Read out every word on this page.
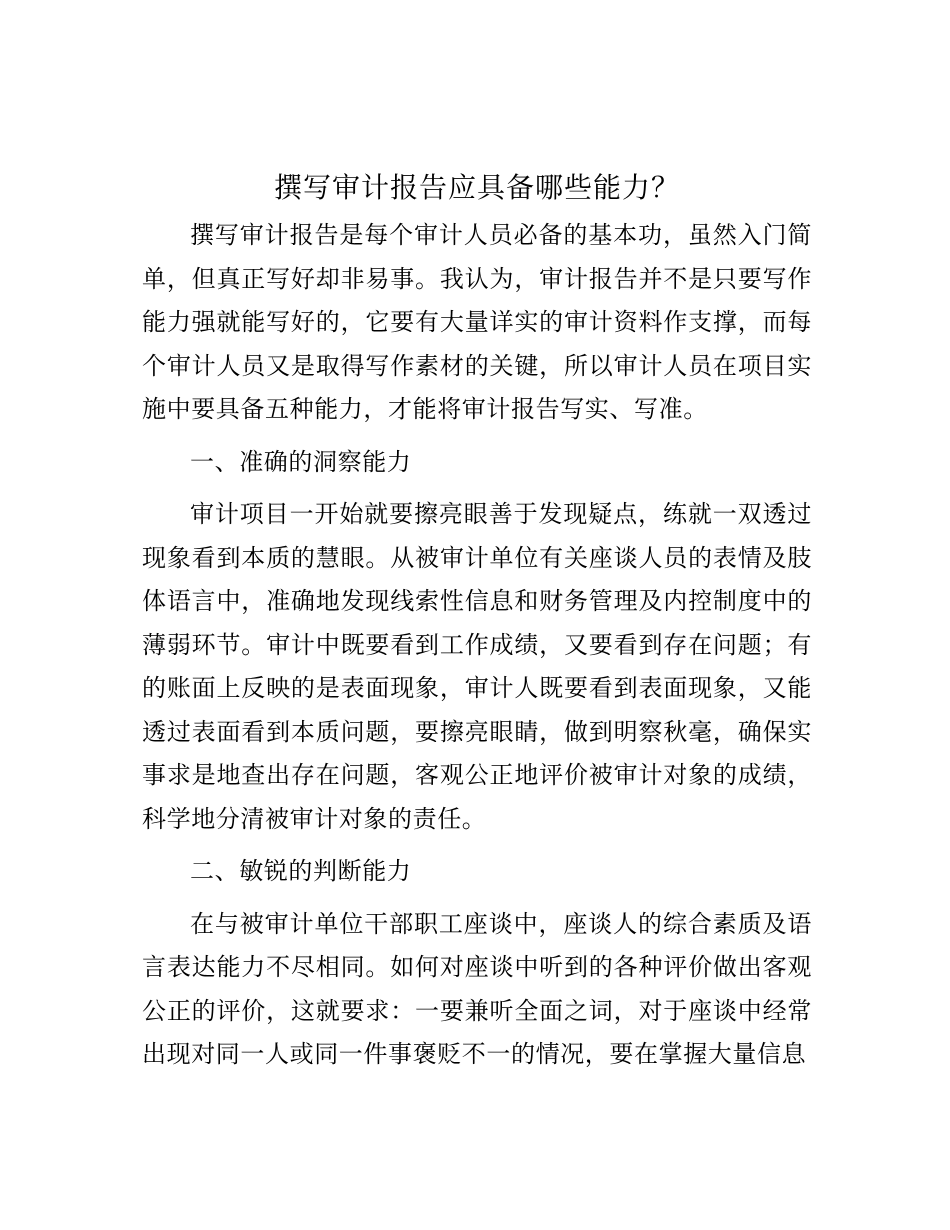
撰写审计报告应具备哪些能力？

撰写审计报告是每个审计人员必备的基本功，虽然入门简单，但真正写好却非易事。我认为，审计报告并不是只要写作能力强就能写好的，它要有大量详实的审计资料作支撑，而每个审计人员又是取得写作素材的关键，所以审计人员在项目实施中要具备五种能力，才能将审计报告写实、写准。

一、准确的洞察能力

审计项目一开始就要擦亮眼善于发现疑点，练就一双透过现象看到本质的慧眼。从被审计单位有关座谈人员的表情及肢体语言中，准确地发现线索性信息和财务管理及内控制度中的薄弱环节。审计中既要看到工作成绩，又要看到存在问题；有的账面上反映的是表面现象，审计人既要看到表面现象，又能透过表面看到本质问题，要擦亮眼睛，做到明察秋毫，确保实事求是地查出存在问题，客观公正地评价被审计对象的成绩，科学地分清被审计对象的责任。

二、敏锐的判断能力

在与被审计单位干部职工座谈中，座谈人的综合素质及语言表达能力不尽相同。如何对座谈中听到的各种评价做出客观公正的评价，这就要求：一要兼听全面之词，对于座谈中经常出现对同一人或同一件事褒贬不一的情况，要在掌握大量信息
